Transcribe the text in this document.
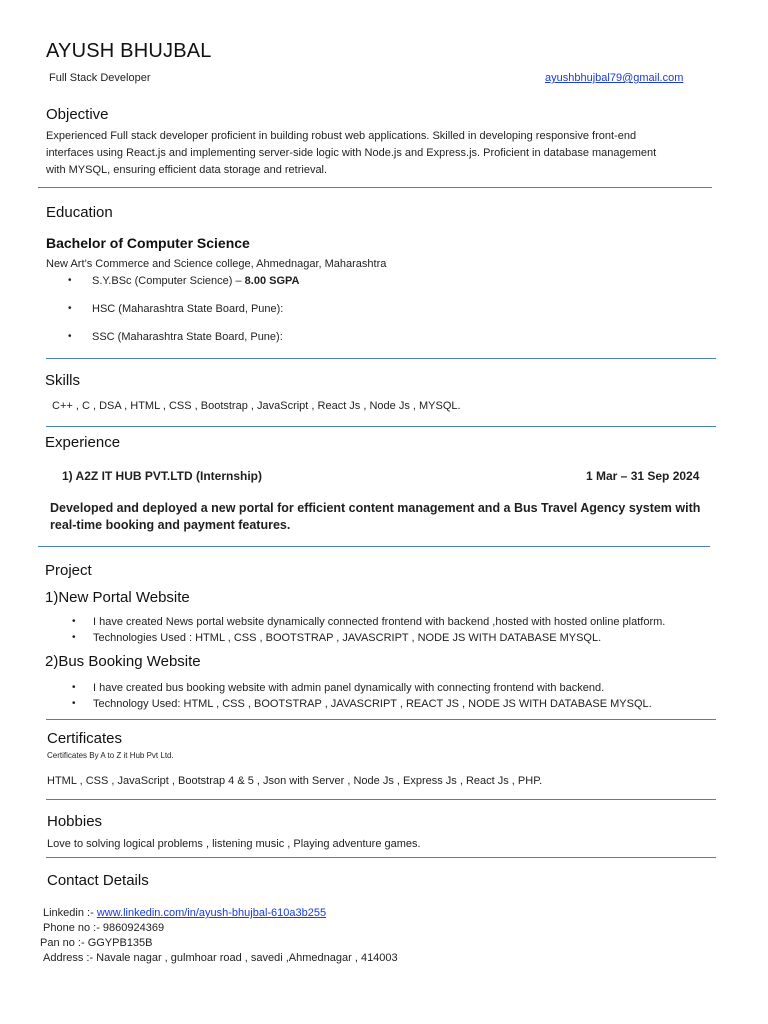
AYUSH BHUJBAL
Full Stack Developer	ayushbhujbal79@gmail.com
Objective
Experienced Full stack developer proficient in building robust web applications. Skilled in developing responsive front-end
interfaces using React.js and implementing server-side logic with Node.js and Express.js. Proficient in database management
with MYSQL, ensuring efficient data storage and retrieval.
Education
Bachelor of Computer Science
New Art’s Commerce and Science college, Ahmednagar, Maharashtra
• S.Y.BSc (Computer Science) – 8.00 SGPA
• HSC (Maharashtra State Board, Pune):
• SSC (Maharashtra State Board, Pune):
Skills
C++ , C , DSA , HTML , CSS , Bootstrap , JavaScript , React Js , Node Js , MYSQL.
Experience
1) A2Z IT HUB PVT.LTD (Internship)	1 Mar – 31 Sep 2024
Developed and deployed a new portal for efficient content management and a Bus Travel Agency system with
real-time booking and payment features.
Project
1)New Portal Website
• I have created News portal website dynamically connected frontend with backend ,hosted with hosted online platform.
• Technologies Used : HTML , CSS , BOOTSTRAP , JAVASCRIPT , NODE JS WITH DATABASE MYSQL.
2)Bus Booking Website
• I have created bus booking website with admin panel dynamically with connecting frontend with backend.
• Technology Used: HTML , CSS , BOOTSTRAP , JAVASCRIPT , REACT JS , NODE JS WITH DATABASE MYSQL.
Certificates
Certificates By A to Z it Hub Pvt Ltd.
HTML , CSS , JavaScript , Bootstrap 4 & 5 , Json with Server , Node Js , Express Js , React Js , PHP.
Hobbies
Love to solving logical problems , listening music , Playing adventure games.
Contact Details
Linkedin :- www.linkedin.com/in/ayush-bhujbal-610a3b255
Phone no :- 9860924369
Pan no :- GGYPB135B
Address :- Navale nagar , gulmhoar road , savedi ,Ahmednagar , 414003
